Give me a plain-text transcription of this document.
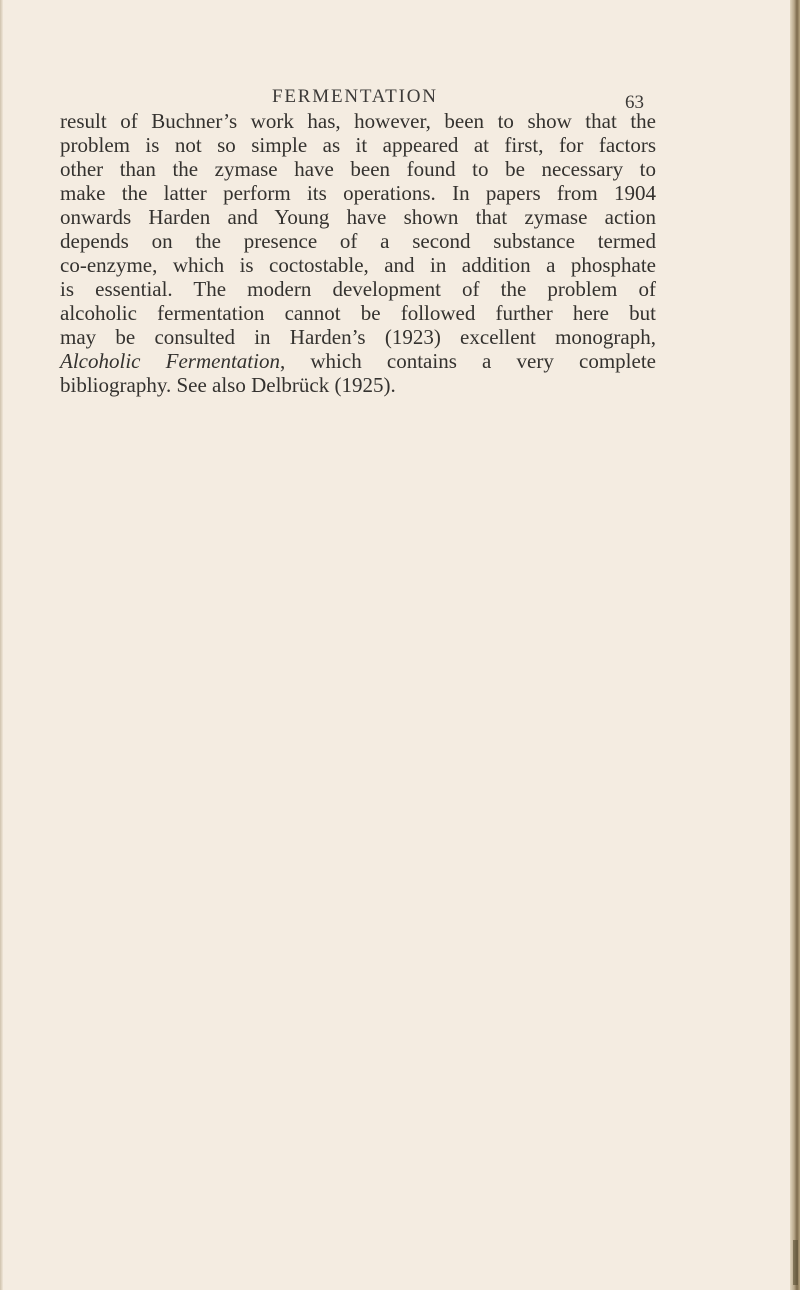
FERMENTATION	63
result of Buchner’s work has, however, been to show that the
problem is not so simple as it appeared at first, for factors
other than the zymase have been found to be necessary to
make the latter perform its operations. In papers from 1904
onwards Harden and Young have shown that zymase action
depends on the presence of a second substance termed
co-enzyme, which is coctostable, and in addition a phosphate
is essential. The modern development of the problem of
alcoholic fermentation cannot be followed further here but
may be consulted in Harden’s (1923) excellent monograph,
Alcoholic Fermentation, which contains a very complete
bibliography. See also Delbrück (1925).
